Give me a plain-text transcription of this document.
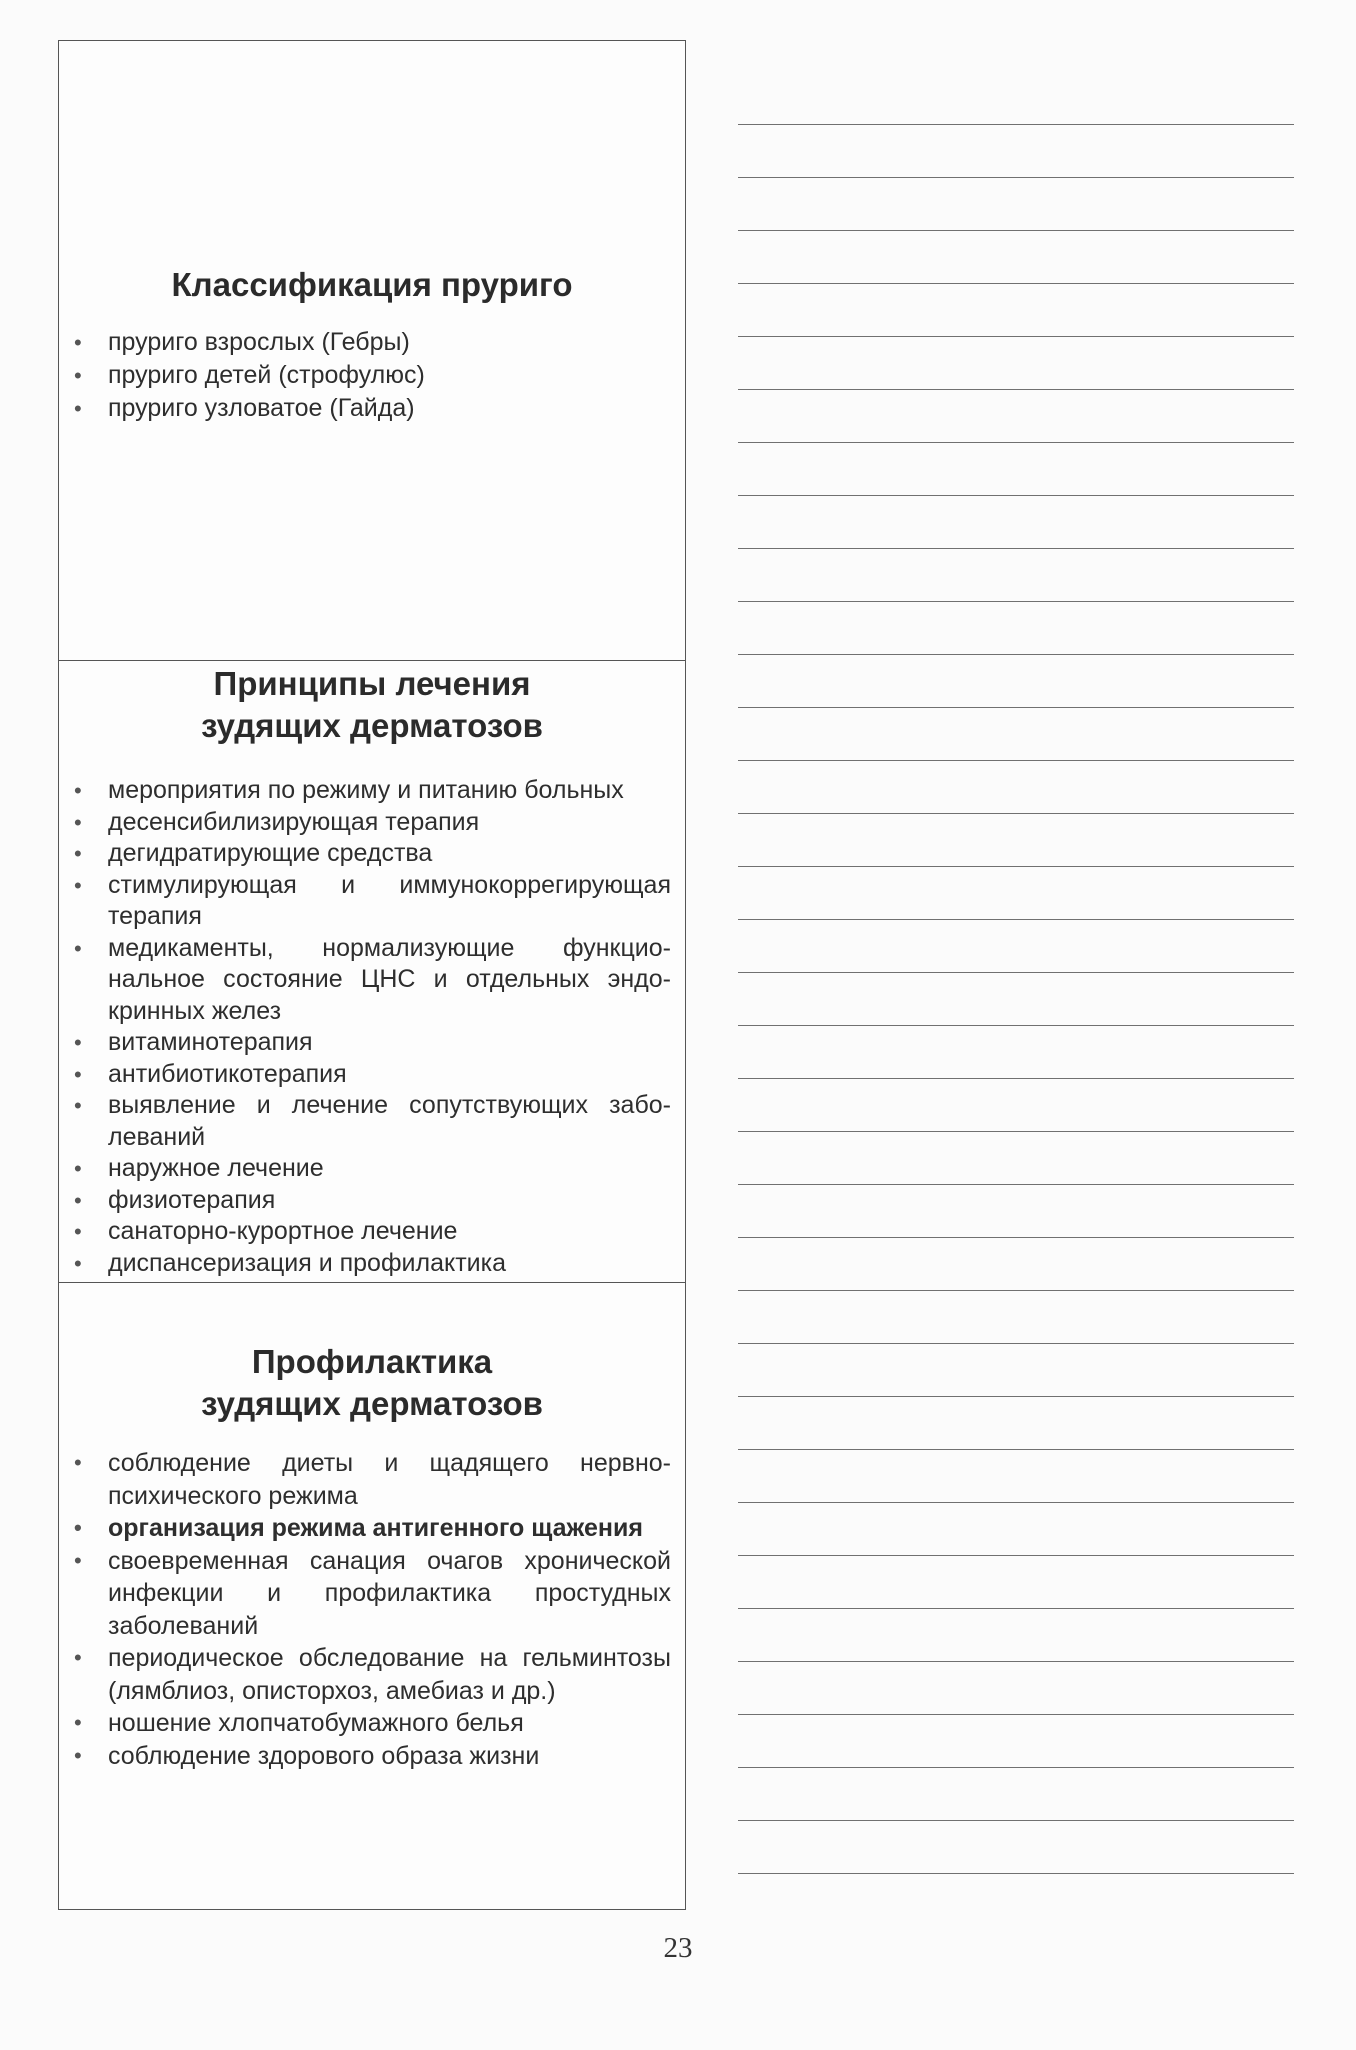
Классификация пруриго
• пруриго взрослых (Гебры)
• пруриго детей (строфулюс)
• пруриго узловатое (Гайда)
Принципы лечения
зудящих дерматозов
• мероприятия по режиму и питанию больных
• десенсибилизирующая терапия
• дегидратирующие средства
• стимулирующая и иммунокоррегирующая терапия
• медикаменты, нормализующие функциональное состояние ЦНС и отдельных эндокринных желез
• витаминотерапия
• антибиотикотерапия
• выявление и лечение сопутствующих заболеваний
• наружное лечение
• физиотерапия
• санаторно-курортное лечение
• диспансеризация и профилактика
Профилактика
зудящих дерматозов
• соблюдение диеты и щадящего нервнопсихического режима
• организация режима антигенного щажения
• своевременная санация очагов хронической инфекции и профилактика простудных заболеваний
• периодическое обследование на гельминтозы (лямблиоз, описторхоз, амебиаз и др.)
• ношение хлопчатобумажного белья
• соблюдение здорового образа жизни
23
